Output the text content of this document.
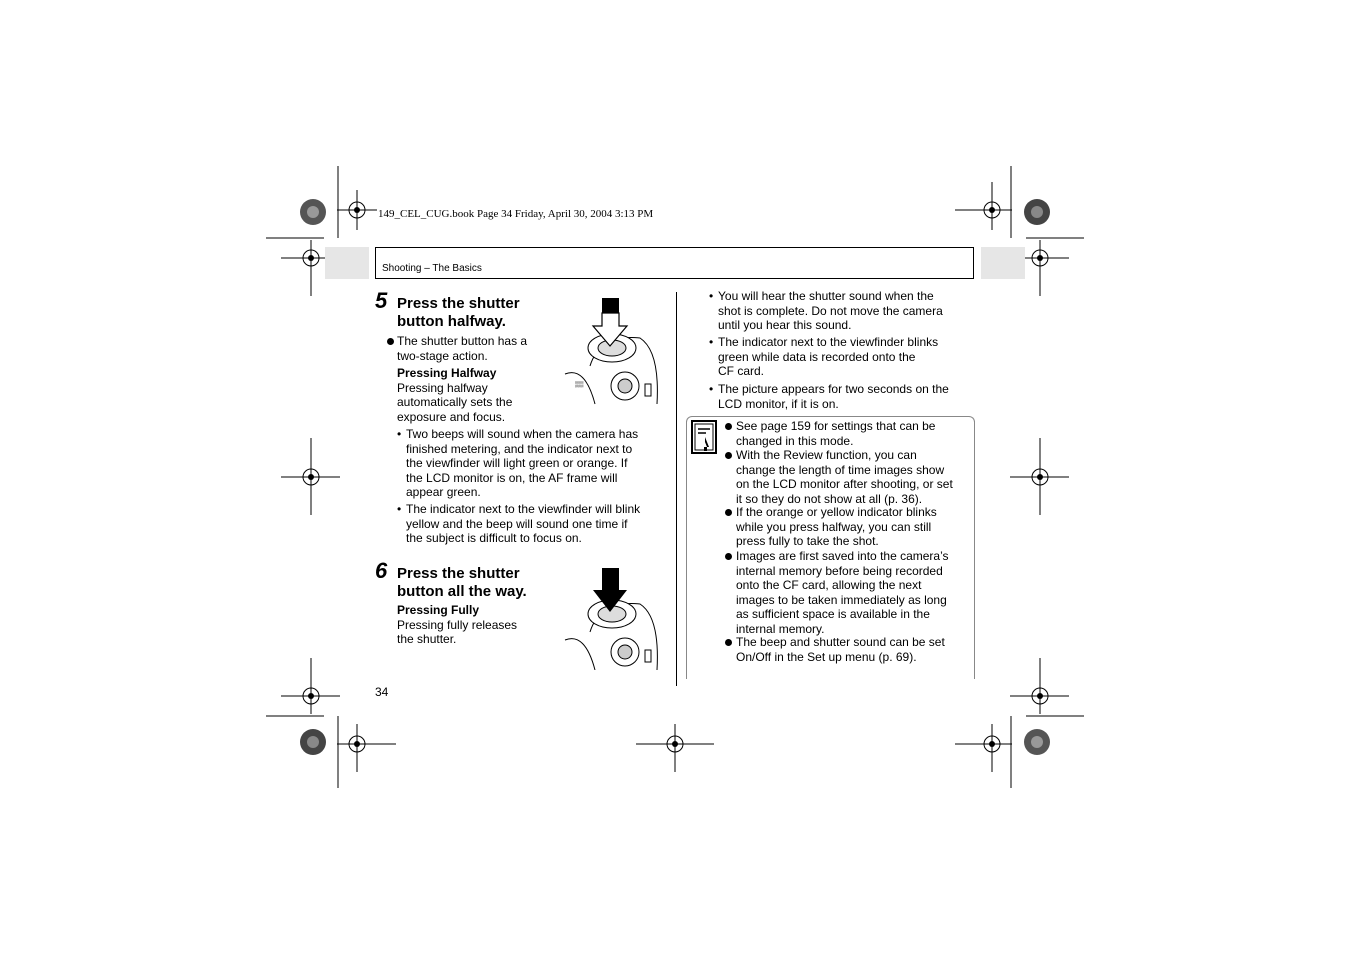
149_CEL_CUG.book Page 34 Friday, April 30, 2004 3:13 PM
Shooting – The Basics
5 Press the shutter
button halfway.
The shutter button has a
two-stage action.
Pressing Halfway
Pressing halfway
automatically sets the
exposure and focus.
• Two beeps will sound when the camera has
finished metering, and the indicator next to
the viewfinder will light green or orange. If
the LCD monitor is on, the AF frame will
appear green.
• The indicator next to the viewfinder will blink
yellow and the beep will sound one time if
the subject is difficult to focus on.
▒▒
6 Press the shutter
button all the way.
Pressing Fully
Pressing fully releases
the shutter.
• You will hear the shutter sound when the
shot is complete. Do not move the camera
until you hear this sound.
• The indicator next to the viewfinder blinks
green while data is recorded onto the
CF card.
• The picture appears for two seconds on the
LCD monitor, if it is on.
See page 159 for settings that can be
changed in this mode.
With the Review function, you can
change the length of time images show
on the LCD monitor after shooting, or set
it so they do not show at all (p. 36).
If the orange or yellow indicator blinks
while you press halfway, you can still
press fully to take the shot.
Images are first saved into the camera’s
internal memory before being recorded
onto the CF card, allowing the next
images to be taken immediately as long
as sufficient space is available in the
internal memory.
The beep and shutter sound can be set
On/Off in the Set up menu (p. 69).
34
